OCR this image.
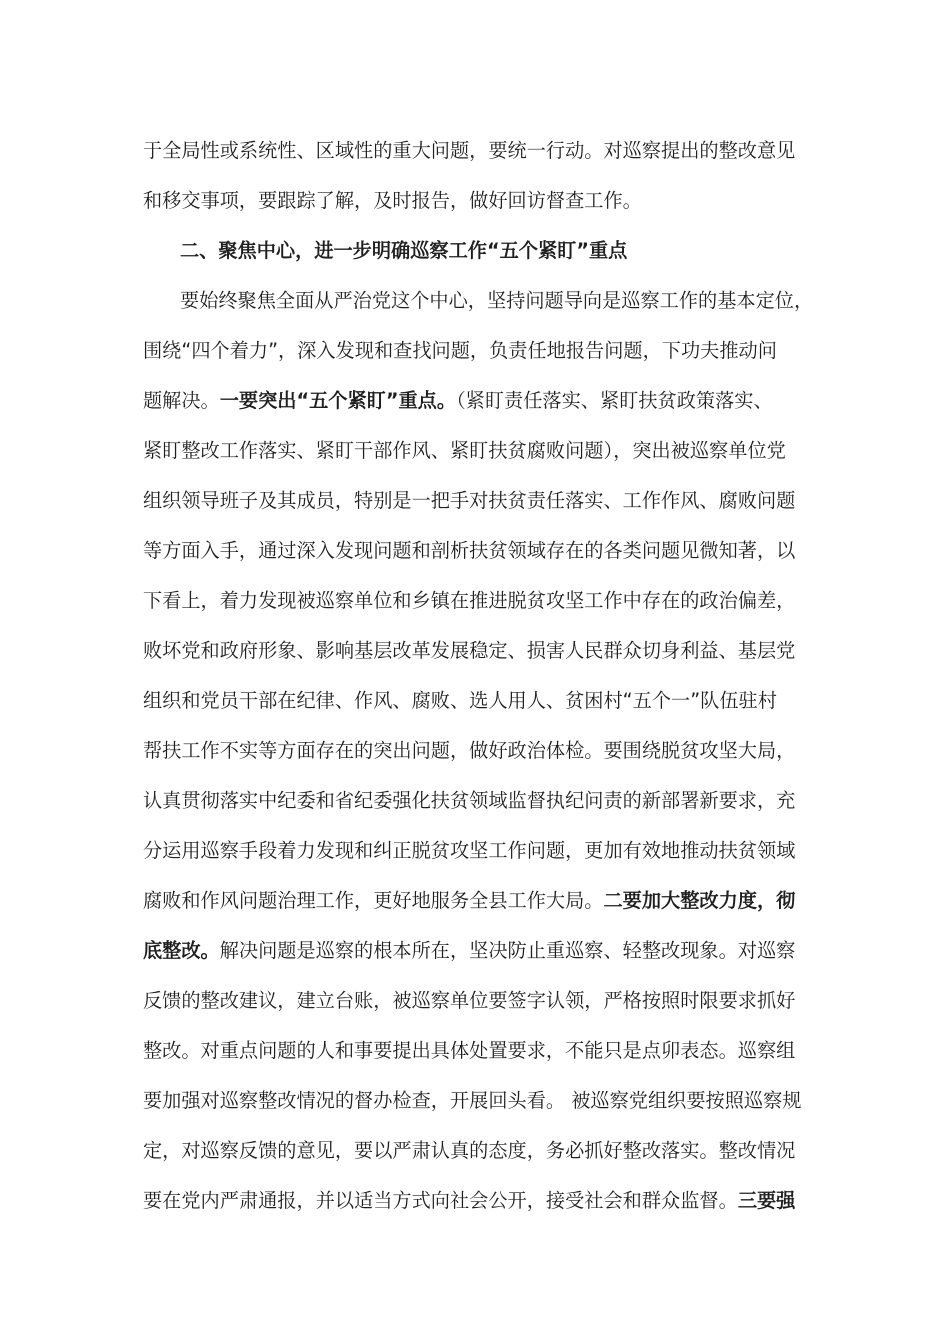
于全局性或系统性、区域性的重大问题，要统一行动。对巡察提出的整改意见
和移交事项，要跟踪了解，及时报告，做好回访督查工作。
二、聚焦中心，进一步明确巡察工作“五个紧盯”重点
要始终聚焦全面从严治党这个中心，坚持问题导向是巡察工作的基本定位，
围绕“四个着力”，深入发现和查找问题，负责任地报告问题，下功夫推动问
题解决。一要突出“五个紧盯”重点。（紧盯责任落实、紧盯扶贫政策落实、
紧盯整改工作落实、紧盯干部作风、紧盯扶贫腐败问题），突出被巡察单位党
组织领导班子及其成员，特别是一把手对扶贫责任落实、工作作风、腐败问题
等方面入手，通过深入发现问题和剖析扶贫领域存在的各类问题见微知著，以
下看上，着力发现被巡察单位和乡镇在推进脱贫攻坚工作中存在的政治偏差，
败坏党和政府形象、影响基层改革发展稳定、损害人民群众切身利益、基层党
组织和党员干部在纪律、作风、腐败、选人用人、贫困村“五个一”队伍驻村
帮扶工作不实等方面存在的突出问题，做好政治体检。要围绕脱贫攻坚大局，
认真贯彻落实中纪委和省纪委强化扶贫领域监督执纪问责的新部署新要求，充
分运用巡察手段着力发现和纠正脱贫攻坚工作问题，更加有效地推动扶贫领域
腐败和作风问题治理工作，更好地服务全县工作大局。二要加大整改力度，彻
底整改。解决问题是巡察的根本所在，坚决防止重巡察、轻整改现象。对巡察
反馈的整改建议，建立台账，被巡察单位要签字认领，严格按照时限要求抓好
整改。对重点问题的人和事要提出具体处置要求，不能只是点卯表态。巡察组
要加强对巡察整改情况的督办检查，开展回头看。 被巡察党组织要按照巡察规
定，对巡察反馈的意见，要以严肃认真的态度，务必抓好整改落实。整改情况
要在党内严肃通报，并以适当方式向社会公开，接受社会和群众监督。三要强
